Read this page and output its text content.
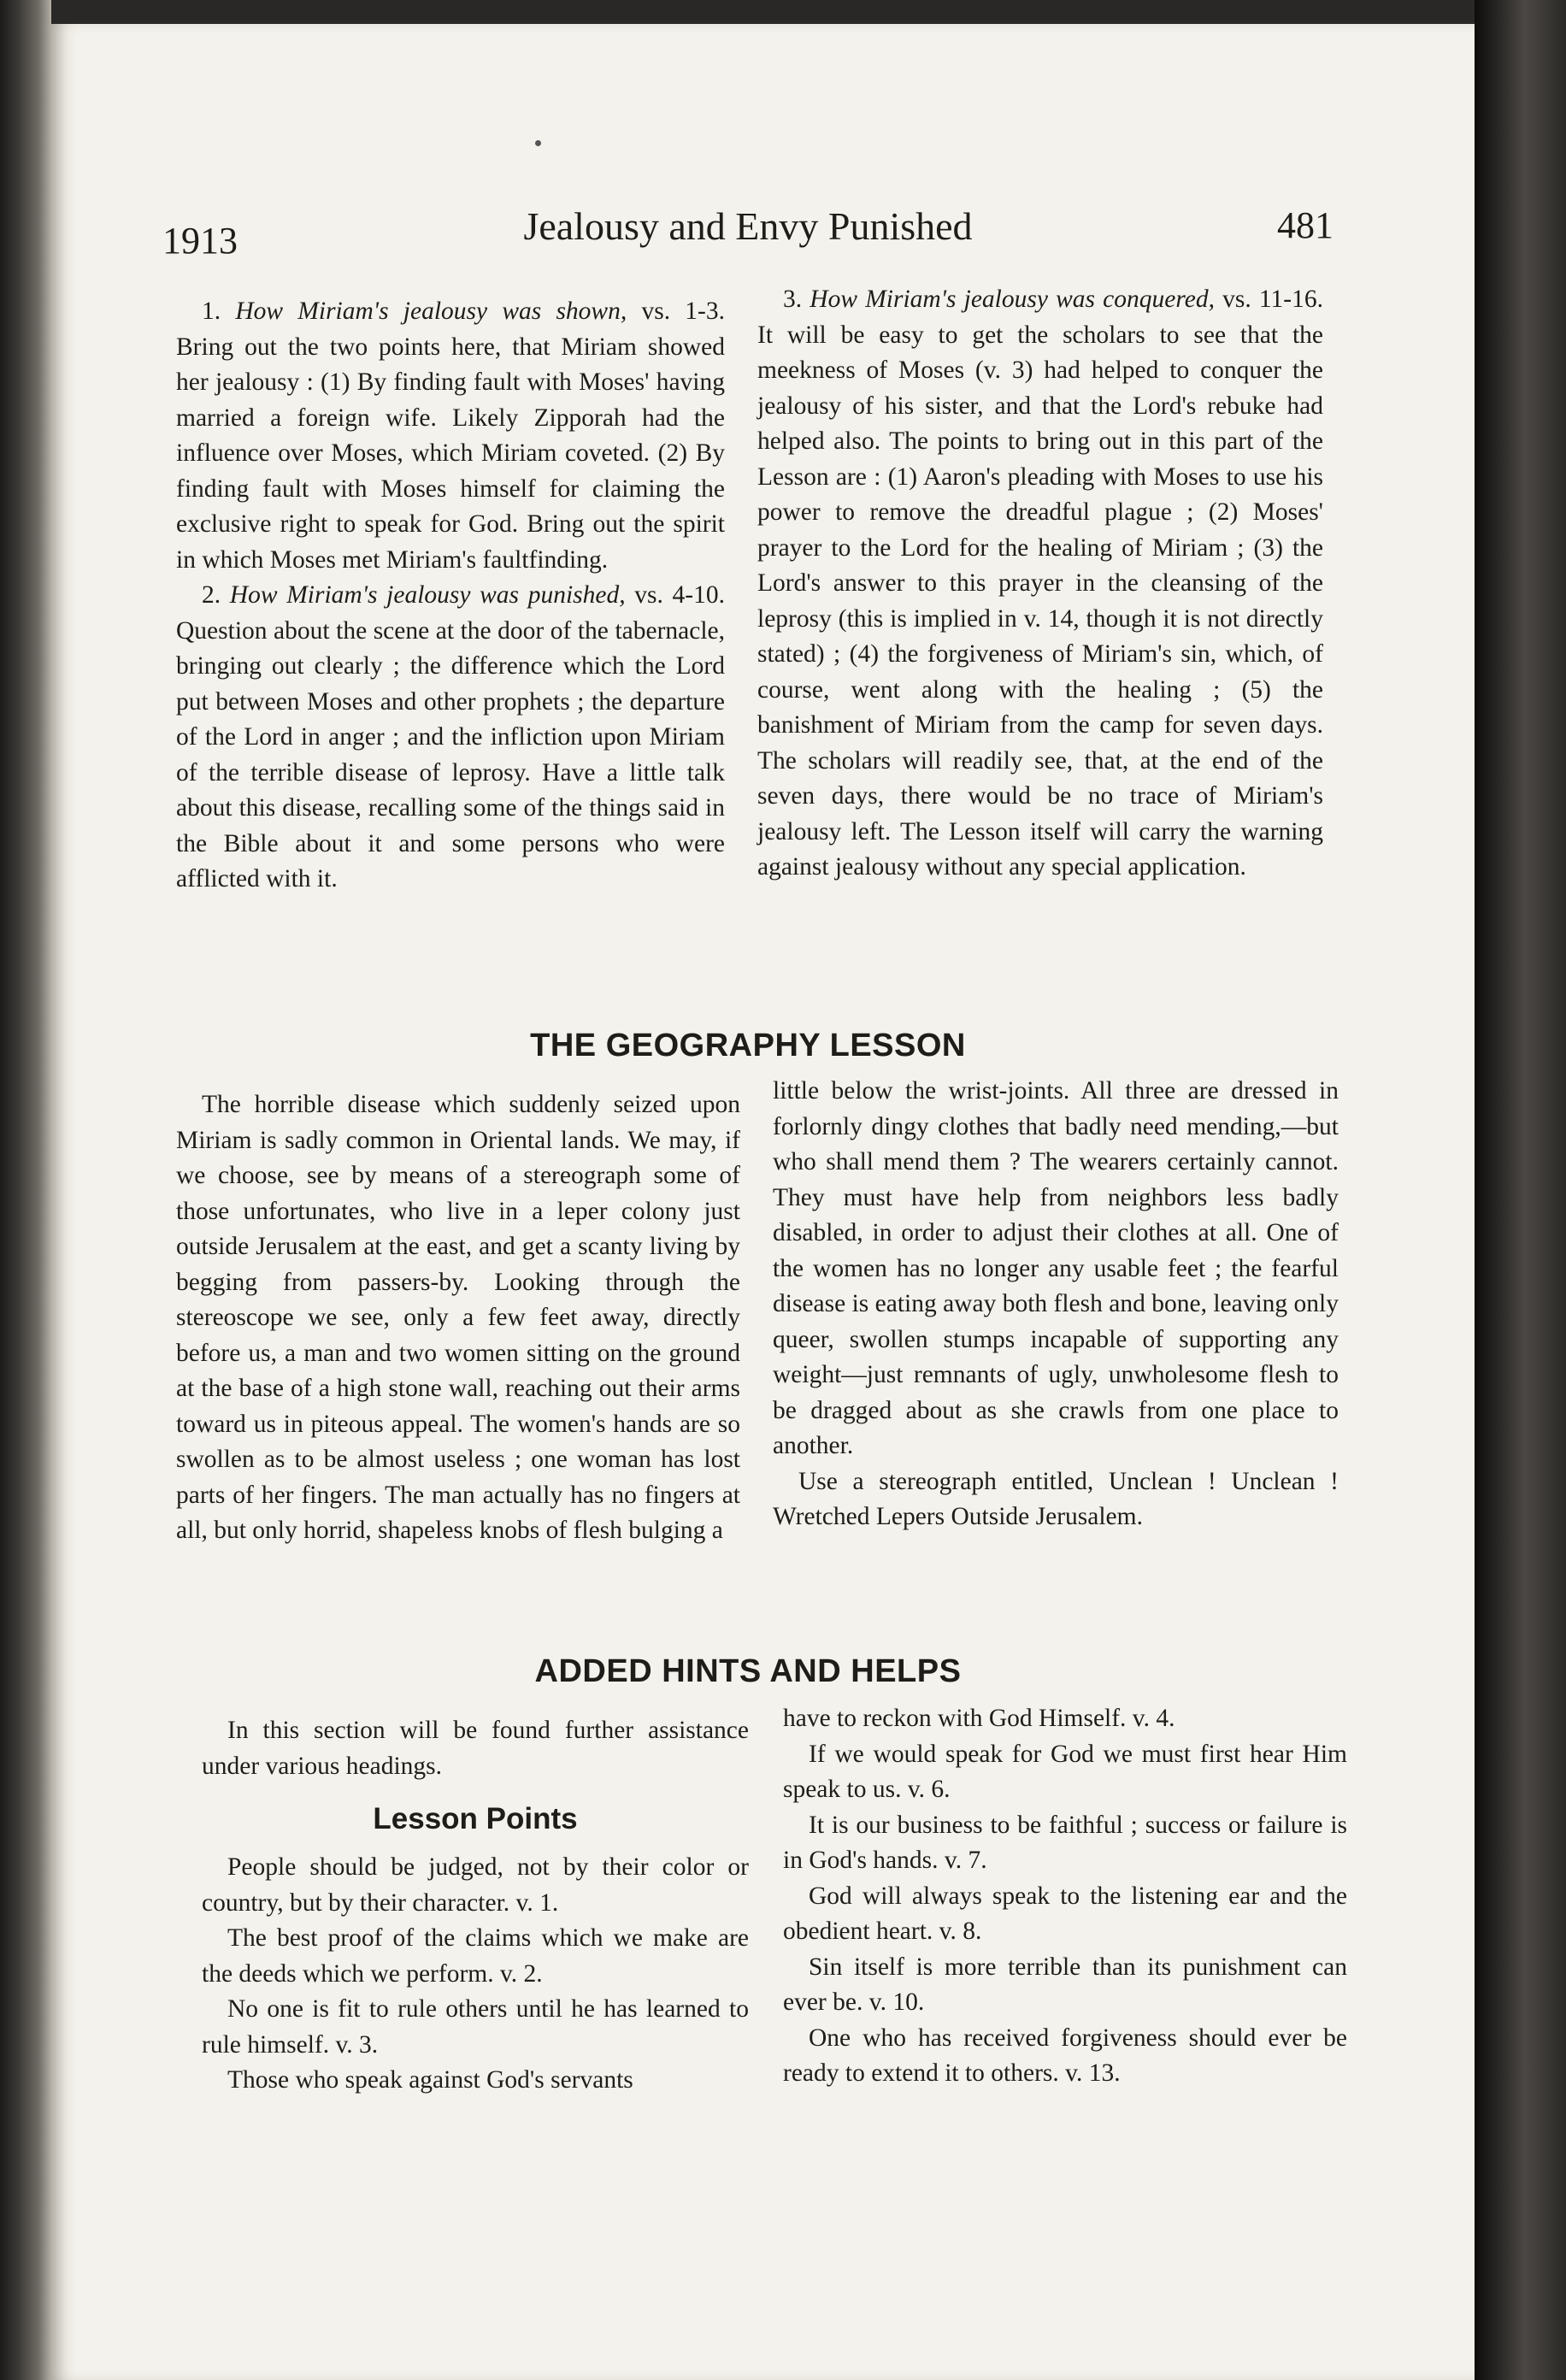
1913	Jealousy and Envy Punished	481

1. How Miriam's jealousy was shown, vs. 1-3. Bring out the two points here, that Miriam showed her jealousy : (1) By finding fault with Moses' having married a foreign wife. Likely Zipporah had the influence over Moses, which Miriam coveted. (2) By finding fault with Moses himself for claiming the exclusive right to speak for God. Bring out the spirit in which Moses met Miriam's faultfinding.

2. How Miriam's jealousy was punished, vs. 4-10. Question about the scene at the door of the tabernacle, bringing out clearly ; the difference which the Lord put between Moses and other prophets ; the departure of the Lord in anger ; and the infliction upon Miriam of the terrible disease of leprosy. Have a little talk about this disease, recalling some of the things said in the Bible about it and some persons who were afflicted with it.

3. How Miriam's jealousy was conquered, vs. 11-16. It will be easy to get the scholars to see that the meekness of Moses (v. 3) had helped to conquer the jealousy of his sister, and that the Lord's rebuke had helped also. The points to bring out in this part of the Lesson are : (1) Aaron's pleading with Moses to use his power to remove the dreadful plague ; (2) Moses' prayer to the Lord for the healing of Miriam ; (3) the Lord's answer to this prayer in the cleansing of the leprosy (this is implied in v. 14, though it is not directly stated) ; (4) the forgiveness of Miriam's sin, which, of course, went along with the healing ; (5) the banishment of Miriam from the camp for seven days. The scholars will readily see, that, at the end of the seven days, there would be no trace of Miriam's jealousy left. The Lesson itself will carry the warning against jealousy without any special application.

THE GEOGRAPHY LESSON

The horrible disease which suddenly seized upon Miriam is sadly common in Oriental lands. We may, if we choose, see by means of a stereograph some of those unfortunates, who live in a leper colony just outside Jerusalem at the east, and get a scanty living by begging from passers-by. Looking through the stereoscope we see, only a few feet away, directly before us, a man and two women sitting on the ground at the base of a high stone wall, reaching out their arms toward us in piteous appeal. The women's hands are so swollen as to be almost useless ; one woman has lost parts of her fingers. The man actually has no fingers at all, but only horrid, shapeless knobs of flesh bulging a

little below the wrist-joints. All three are dressed in forlornly dingy clothes that badly need mending,—but who shall mend them ? The wearers certainly cannot. They must have help from neighbors less badly disabled, in order to adjust their clothes at all. One of the women has no longer any usable feet ; the fearful disease is eating away both flesh and bone, leaving only queer, swollen stumps incapable of supporting any weight—just remnants of ugly, unwholesome flesh to be dragged about as she crawls from one place to another.

Use a stereograph entitled, Unclean ! Unclean ! Wretched Lepers Outside Jerusalem.

ADDED HINTS AND HELPS

In this section will be found further assistance under various headings.

Lesson Points

People should be judged, not by their color or country, but by their character. v. 1.

The best proof of the claims which we make are the deeds which we perform. v. 2.

No one is fit to rule others until he has learned to rule himself. v. 3.

Those who speak against God's servants

have to reckon with God Himself. v. 4.

If we would speak for God we must first hear Him speak to us. v. 6.

It is our business to be faithful ; success or failure is in God's hands. v. 7.

God will always speak to the listening ear and the obedient heart. v. 8.

Sin itself is more terrible than its punishment can ever be. v. 10.

One who has received forgiveness should ever be ready to extend it to others. v. 13.
